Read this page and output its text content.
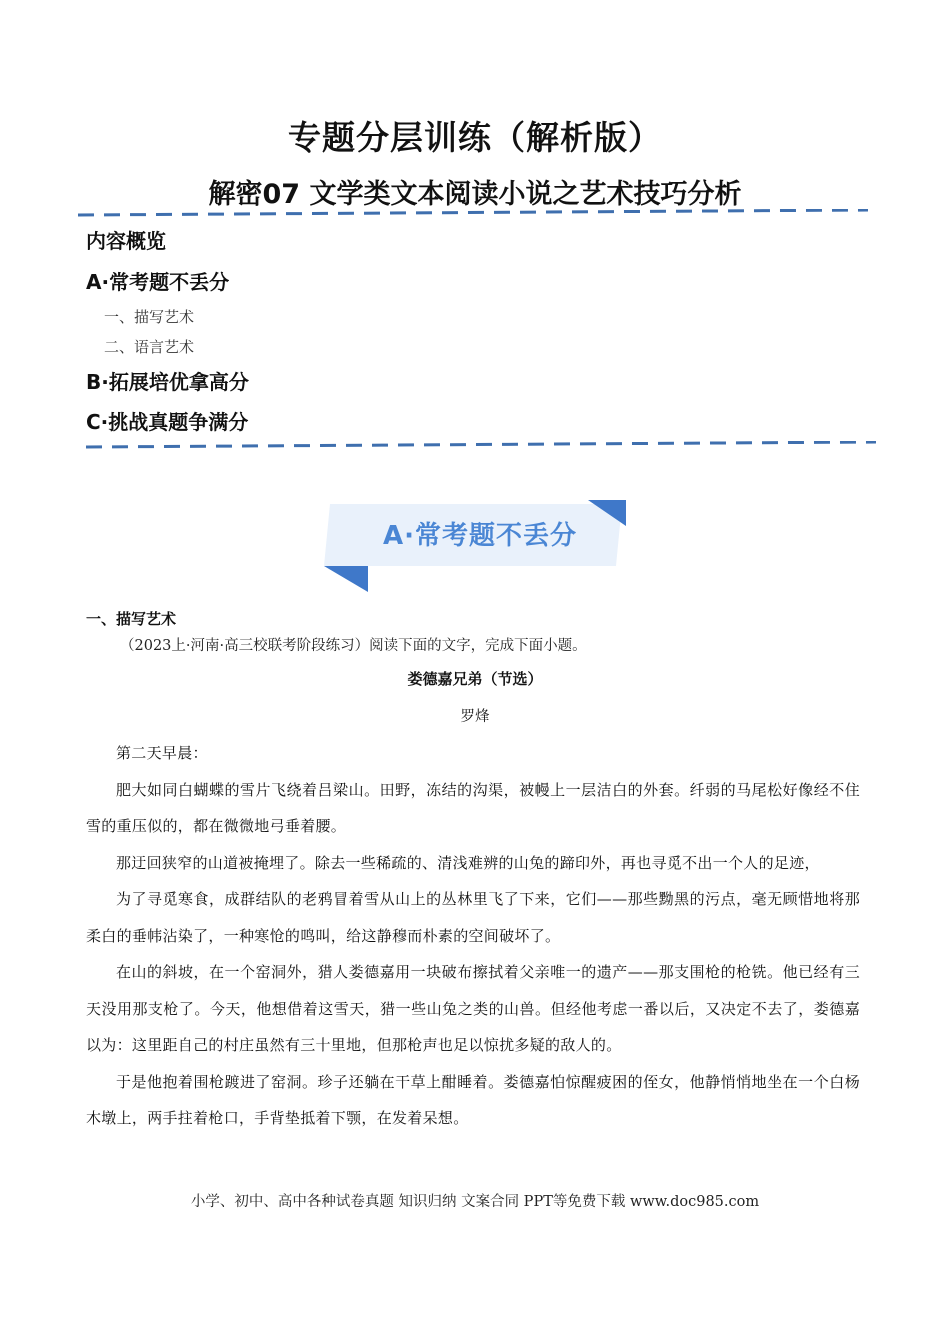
专题分层训练（解析版）
解密07 文学类文本阅读小说之艺术技巧分析
内容概览
A·常考题不丢分
一、描写艺术
二、语言艺术
B·拓展培优拿高分
C·挑战真题争满分
A·常考题不丢分
一、描写艺术
（2023上·河南·高三校联考阶段练习）阅读下面的文字，完成下面小题。
娄德嘉兄弟（节选）
罗烽

第二天早晨：

肥大如同白蝴蝶的雪片飞绕着吕梁山。田野，冻结的沟渠，被幔上一层洁白的外套。纤弱的马尾松好像经不住雪的重压似的，都在微微地弓垂着腰。

那迂回狭窄的山道被掩埋了。除去一些稀疏的、清浅难辨的山兔的蹄印外，再也寻觅不出一个人的足迹，

为了寻觅寒食，成群结队的老鸦冒着雪从山上的丛林里飞了下来，它们——那些黝黑的污点，毫无顾惜地将那柔白的垂帏沾染了，一种寒怆的鸣叫，给这静穆而朴素的空间破坏了。

在山的斜坡，在一个窑洞外，猎人娄德嘉用一块破布擦拭着父亲唯一的遗产——那支围枪的枪铣。他已经有三天没用那支枪了。今天，他想借着这雪天，猎一些山兔之类的山兽。但经他考虑一番以后，又决定不去了，娄德嘉以为：这里距自己的村庄虽然有三十里地，但那枪声也足以惊扰多疑的敌人的。

于是他抱着围枪踱进了窑洞。珍子还躺在干草上酣睡着。娄德嘉怕惊醒疲困的侄女，他静悄悄地坐在一个白杨木墩上，两手拄着枪口，手背垫抵着下颚，在发着呆想。

小学、初中、高中各种试卷真题 知识归纳 文案合同 PPT等免费下载 www.doc985.com
